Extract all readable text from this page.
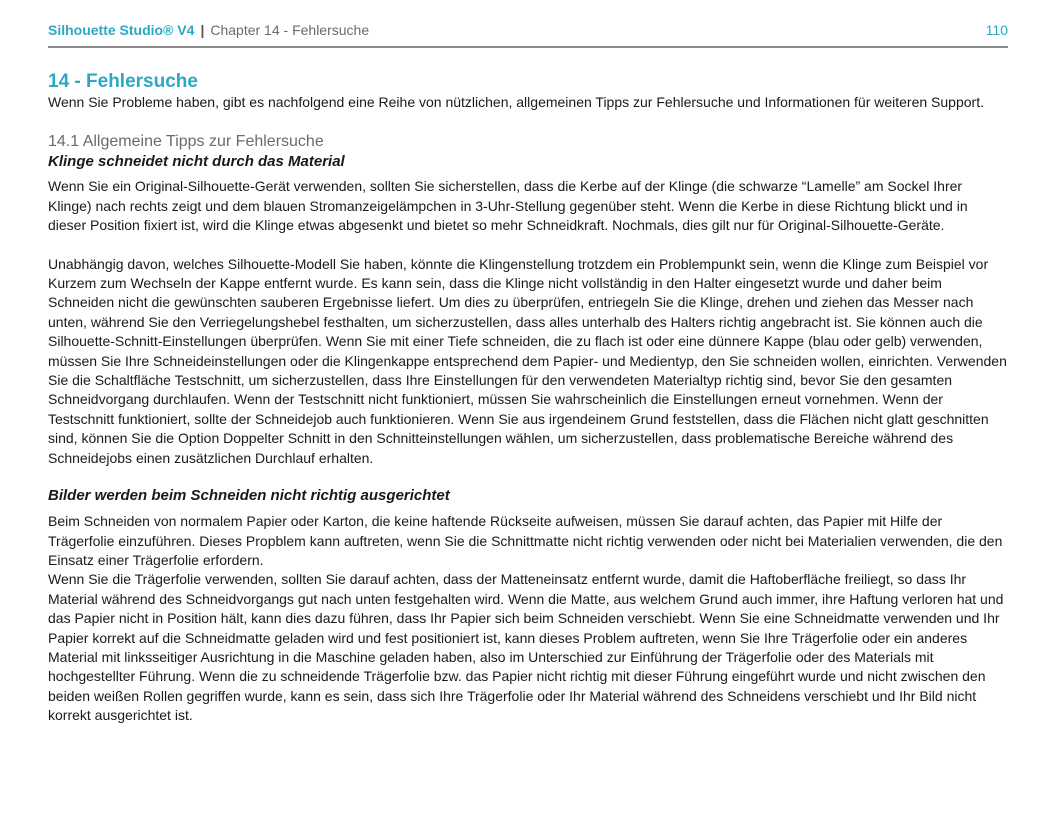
Silhouette Studio® V4 | Chapter 14 - Fehlersuche	110
14 - Fehlersuche

Wenn Sie Probleme haben, gibt es nachfolgend eine Reihe von nützlichen, allgemeinen Tipps zur Fehlersuche und Informationen für weiteren Support.

14.1 Allgemeine Tipps zur Fehlersuche
Klinge schneidet nicht durch das Material

Wenn Sie ein Original-Silhouette-Gerät verwenden, sollten Sie sicherstellen, dass die Kerbe auf der Klinge (die schwarze “Lamelle” am Sockel Ihrer Klinge) nach rechts zeigt und dem blauen Stromanzeigelämpchen in 3-Uhr-Stellung gegenüber steht. Wenn die Kerbe in diese Richtung blickt und in dieser Position fixiert ist, wird die Klinge etwas abgesenkt und bietet so mehr Schneidkraft. Nochmals, dies gilt nur für Original-Silhouette-Geräte.

Unabhängig davon, welches Silhouette-Modell Sie haben, könnte die Klingenstellung trotzdem ein Problempunkt sein, wenn die Klinge zum Beispiel vor Kurzem zum Wechseln der Kappe entfernt wurde. Es kann sein, dass die Klinge nicht vollständig in den Halter eingesetzt wurde und daher beim Schneiden nicht die gewünschten sauberen Ergebnisse liefert. Um dies zu überprüfen, entriegeln Sie die Klinge, drehen und ziehen das Messer nach unten, während Sie den Verriegelungshebel festhalten, um sicherzustellen, dass alles unterhalb des Halters richtig angebracht ist. Sie können auch die Silhouette-Schnitt-Einstellungen überprüfen. Wenn Sie mit einer Tiefe schneiden, die zu flach ist oder eine dünnere Kappe (blau oder gelb) verwenden, müssen Sie Ihre Schneideinstellungen oder die Klingenkappe entsprechend dem Papier- und Medientyp, den Sie schneiden wollen, einrichten. Verwenden Sie die Schaltfläche Testschnitt, um sicherzustellen, dass Ihre Einstellungen für den verwendeten Materialtyp richtig sind, bevor Sie den gesamten Schneidvorgang durchlaufen. Wenn der Testschnitt nicht funktioniert, müssen Sie wahrscheinlich die Einstellungen erneut vornehmen. Wenn der Testschnitt funktioniert, sollte der Schneidejob auch funktionieren. Wenn Sie aus irgendeinem Grund feststellen, dass die Flächen nicht glatt geschnitten sind, können Sie die Option Doppelter Schnitt in den Schnitteinstellungen wählen, um sicherzustellen, dass problematische Bereiche während des Schneidejobs einen zusätzlichen Durchlauf erhalten.

Bilder werden beim Schneiden nicht richtig ausgerichtet

Beim Schneiden von normalem Papier oder Karton, die keine haftende Rückseite aufweisen, müssen Sie darauf achten, das Papier mit Hilfe der Trägerfolie einzuführen. Dieses Propblem kann auftreten, wenn Sie die Schnittmatte nicht richtig verwenden oder nicht bei Materialien verwenden, die den Einsatz einer Trägerfolie erfordern.

Wenn Sie die Trägerfolie verwenden, sollten Sie darauf achten, dass der Matteneinsatz entfernt wurde, damit die Haftoberfläche freiliegt, so dass Ihr Material während des Schneidvorgangs gut nach unten festgehalten wird. Wenn die Matte, aus welchem Grund auch immer, ihre Haftung verloren hat und das Papier nicht in Position hält, kann dies dazu führen, dass Ihr Papier sich beim Schneiden verschiebt. Wenn Sie eine Schneidmatte verwenden und Ihr Papier korrekt auf die Schneidmatte geladen wird und fest positioniert ist, kann dieses Problem auftreten, wenn Sie Ihre Trägerfolie oder ein anderes Material mit linksseitiger Ausrichtung in die Maschine geladen haben, also im Unterschied zur Einführung der Trägerfolie oder des Materials mit hochgestellter Führung. Wenn die zu schneidende Trägerfolie bzw. das Papier nicht richtig mit dieser Führung eingeführt wurde und nicht zwischen den beiden weißen Rollen gegriffen wurde, kann es sein, dass sich Ihre Trägerfolie oder Ihr Material während des Schneidens verschiebt und Ihr Bild nicht korrekt ausgerichtet ist.
